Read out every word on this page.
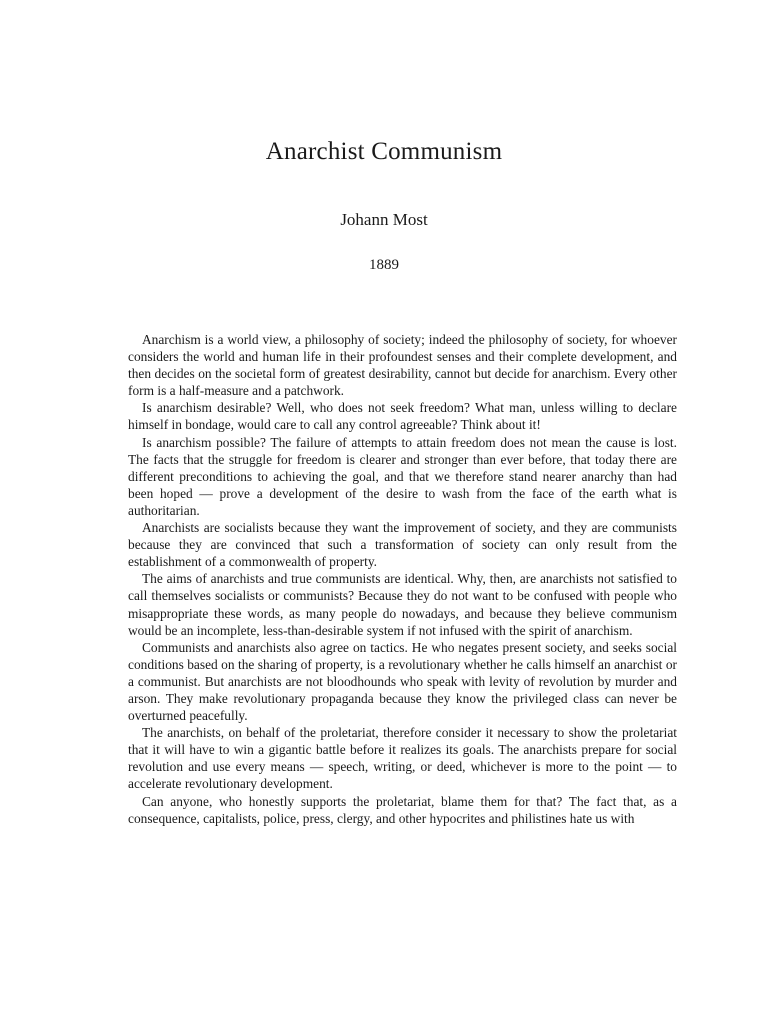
Anarchist Communism
Johann Most
1889

Anarchism is a world view, a philosophy of society; indeed the philosophy of society, for whoever considers the world and human life in their profoundest senses and their complete development, and then decides on the societal form of greatest desirability, cannot but decide for anarchism. Every other form is a half-measure and a patchwork.

Is anarchism desirable? Well, who does not seek freedom? What man, unless willing to declare himself in bondage, would care to call any control agreeable? Think about it!

Is anarchism possible? The failure of attempts to attain freedom does not mean the cause is lost. The facts that the struggle for freedom is clearer and stronger than ever before, that today there are different preconditions to achieving the goal, and that we therefore stand nearer anarchy than had been hoped — prove a development of the desire to wash from the face of the earth what is authoritarian.

Anarchists are socialists because they want the improvement of society, and they are communists because they are convinced that such a transformation of society can only result from the establishment of a commonwealth of property.

The aims of anarchists and true communists are identical. Why, then, are anarchists not satisfied to call themselves socialists or communists? Because they do not want to be confused with people who misappropriate these words, as many people do nowadays, and because they believe communism would be an incomplete, less-than-desirable system if not infused with the spirit of anarchism.

Communists and anarchists also agree on tactics. He who negates present society, and seeks social conditions based on the sharing of property, is a revolutionary whether he calls himself an anarchist or a communist. But anarchists are not bloodhounds who speak with levity of revolution by murder and arson. They make revolutionary propaganda because they know the privileged class can never be overturned peacefully.

The anarchists, on behalf of the proletariat, therefore consider it necessary to show the proletariat that it will have to win a gigantic battle before it realizes its goals. The anarchists prepare for social revolution and use every means — speech, writing, or deed, whichever is more to the point — to accelerate revolutionary development.

Can anyone, who honestly supports the proletariat, blame them for that? The fact that, as a consequence, capitalists, police, press, clergy, and other hypocrites and philistines hate us with
